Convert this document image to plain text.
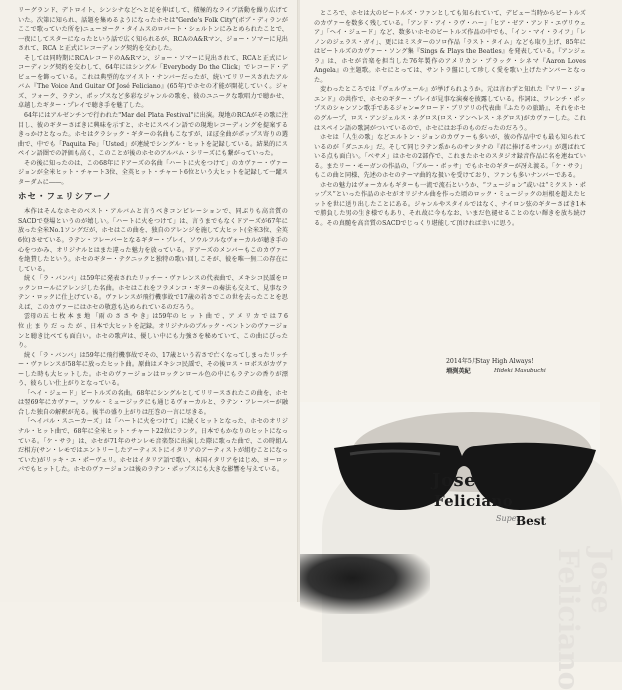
リーグランド、デトロイト、シンシナなどへと足を伸ばして、積極的なライブ活動を繰り広げていた。次第に知られ、話題を集めるようになったホセは"Gerde's Folk City"(ボブ・ディランがここで歌っていた所を)ニューヨーク・タイムスのロバート・シェルトンにみとめられたことで、一夜にしてスターになったという話で広く知られるが、RCAのA&Rマン、ジョー・ソマーに見出されて、RCA と正式にレコーディング契約を交わした。

そしては同時期にRCAレコードのA&Rマン、ジョー・ソマーに見出されて、RCAと正式にレコーディング契約を交わして、64年にはシングル「Everybody Do the Click」でレコード・デビューを飾っている。これは典型的なツイスト・ナンバーだったが、続いてリリースされたアルバム『The Voice And Guitar Of José Feliciano』(65年)でホセの才能が開花していく。ジャズ、フォーク、ラテン、ポップスなど多彩なジャンルの歌を、彼のユニークな歌唱力で聴かせ、卓越したギター・プレイで聴き手を魅了した。

64年にはアルゼンチンで行われた"Mar del Plata Festival"に出演。現地のRCAがその歌に注目し、彼のギターさばきに興味を示すと、ホセにスペイン語での現地レコーディングを提案するきっかけとなった。ホセはクラシック・ギターの名曲もこなすが、ほぼ全曲がポップス寄りの選曲で、中でも「Paquita Fe」「Usted」が連続でシングル・ヒットを記録している。結果的にスペイン語圏での評価も高く、このことが後のホセのアルバム・シリーズにも繋がっていった。

その後に知ったのは、この68年にドアーズの名曲「ハートに火をつけて」のカヴァー・ヴァージョンが全米ヒット・チャート3位、全英ヒット・チャート6位という大ヒットを記録して一躍スターダムに――。

ホセ・フェリシアーノ

本作はそんなホセのベスト・アルバムと言うべきコンピレーションで、同ぶりも高音質のSACDで登場というのが嬉しい。「ハートに火をつけて」は、言うまでもなくドアーズが67年に放った全米No.1ソングだが、ホセはこの曲を、独自のアレンジを施して大ヒット(全米3位、全英6位)させている。ラテン・フレーバーとなるギター・プレイ、ソウルフルなヴォーカルが聴き手の心をつかみ、オリジナルとはまた違った魅力を放っている。ドアーズのメンバーもこのカヴァーを絶賛したという。ホセのギター・テクニックと独特の歌い回しこそが、彼を唯一無二の存在にしている。

続く「ラ・バンバ」は59年に発表されたリッチー・ヴァレンスの代表曲で、メキシコ民謡をロックンロールにアレンジした名曲。ホセはこれをフラメンコ・ギターの奏法も交えて、見事なラテン・ロックに仕上げている。ヴァレンスが飛行機事故で17歳の若さでこの世を去ったことを思えば、このカヴァーにはホセの敬意も込められているのだろう。

雲母の五 七 枚 本 ま 地 「雨 の さ さ や き」は59年の ヒ ッ ト 曲 で 、ア メ リ カ で は 7 6 位 止 ま り だ っ た が 、日本で大ヒットを記録。オリジナルのブルック・ベントンのヴァージョンと聴き比べても面白い。ホセの歌声は、優しい中にも力強さを秘めていて、この曲にぴったり。

続く「ラ・バンバ」は59年に飛行機事故でその、17歳という若さで亡くなってしまったリッチー・ヴァレンスが58年に放ったヒット曲。原曲はメキシコ民謡で、その後ロス・ロボスがカヴァーした時も大ヒットした。ホセのヴァージョンはロックンロール色の中にもラテンの香りが漂う、彼らしい仕上がりとなっている。

「ヘイ・ジュード」ビートルズの名曲。68年にシングルとしてリリースされたこの曲を、ホセは翌69年にカヴァー。ソウル・ミュージックにも通じるヴォーカルと、ラテン・フレーバーが融合した独自の解釈が光る。後半の盛り上がりは圧巻の一言に尽きる。

「ヘイバル・スニーカーズ」は「ハートに火をつけて」に続くヒットとなった、ホセのオリジナル・ヒット曲で、68年に全米ヒット・チャート22位にランク。日本でもかなりのヒットになっている。「ケ・サラ」は、ホセが71年のサンレモ音楽祭に出演した際に歌った曲で、この時組んだ相方(サン・レモではエントリーしたアーティストにイタリアのアーティストが組むことになっていた)がリッキ・エ・ポーヴェリ。ホセはイタリア語で歌い、本国イタリアをはじめ、ヨーロッパでもヒットした。ホセのヴァージョンは後のラテン・ポップスにも大きな影響を与えている。

ところで、ホセは大のビートルズ・ファンとしても知られていて、デビュー当時からビートルズのカヴァーを数多く残している。「アンド・アイ・ラヴ・ハー」「ヒア・ゼア・アンド・エヴリウェア」「ヘイ・ジュード」など、数多いホセのビートルズ作品の中でも、「イン・マイ・ライフ」「レノンのジェラス・ガイ」、更にはミスターのソロ作品「ラスト・タイム」なども取り上げ、85年にはビートルズのカヴァー・ソング集『Sings & Plays the Beatles』を発表している。『アンジェラ』は、ホセが音楽を担当した76年製作のアメリカン・ブラック・シネマ『Aaron Loves Angela』の主題歌。ホセにとっては、サントラ盤にして珍しく愛を歌い上げたナンバーとなった。

変わったところでは『ヴェルヴェール』が挙げられようか。元は言わずと知れた『マリー・ジョエンド』の共作で、ホセのギター・プレイが見事な演奏を披露している。作詞は、フレンチ・ポップスのシャンソン歌手であるジャン=クロード・ブリアリの代表曲『ふたりの旅路』、それをホセのグループ、ロス・アンジェルス・ネグロス(ロス・アンヘレス・ネグロス)がカヴァーした。これはスペイン語の歌詞がついているので、ホセにはお手のものだったのだろう。

ホセは「人生の歌」などエルトン・ジョンのカヴァーも多いが、彼の作品中でも最も知られているのが「ダニエル」だ。そして同じラテン系からのサンタナの『君に捧げるサンバ』が選ばれている点も面白い。「ベサメ」はホセの2部作で、これまたホセのスタジオ録音作品に名を連ねている。またリー・モーガンの作品の、「ブルー・ボッサ」でもホセのギターが冴え渡る。「ケ・サラ」もこの曲と同様、先述のホセのテーマ曲的な扱いを受けており、ファンも多いナンバーである。

ホセの魅力はヴォーカルもギターも一流で流石というか、“フュージョン”或いは“ミクスト・ポップス”といった作品のホセがオリジナル曲を作った頃のロック・ミュージックの垣根を超えたヒットを世に送り出したことにある。ジャンルやスタイルではなく、ナイロン弦のギターさばき1本で勝負した男の生き様でもあり、それ故に今もなお、いまだ色褪せることのない輝きを放ち続ける。その真髄を高音質のSACDでじっくり堪能して頂ければ幸いに思う。

2014年5月
Stay High Always!
増渕英紀	Hideki Masubuchi
Jose
Feliciano
Super
Best
Jose Feliciano
